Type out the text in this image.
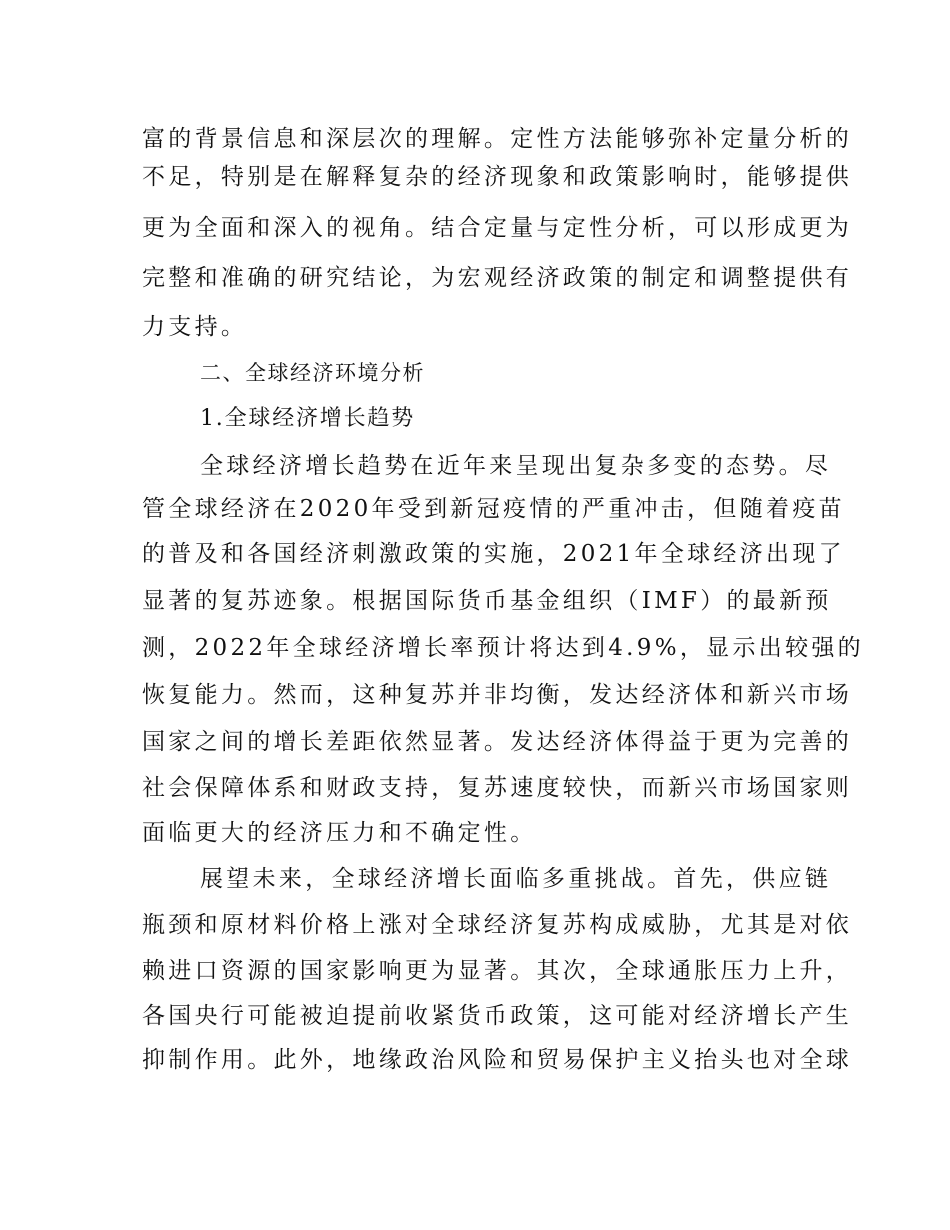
富的背景信息和深层次的理解。定性方法能够弥补定量分析的
不足，特别是在解释复杂的经济现象和政策影响时，能够提供
更为全面和深入的视角。结合定量与定性分析，可以形成更为
完整和准确的研究结论，为宏观经济政策的制定和调整提供有
力支持。
二、全球经济环境分析
1.全球经济增长趋势
全球经济增长趋势在近年来呈现出复杂多变的态势。尽
管全球经济在2020年受到新冠疫情的严重冲击，但随着疫苗
的普及和各国经济刺激政策的实施，2021年全球经济出现了
显著的复苏迹象。根据国际货币基金组织（IMF）的最新预
测，2022年全球经济增长率预计将达到4.9%，显示出较强的
恢复能力。然而，这种复苏并非均衡，发达经济体和新兴市场
国家之间的增长差距依然显著。发达经济体得益于更为完善的
社会保障体系和财政支持，复苏速度较快，而新兴市场国家则
面临更大的经济压力和不确定性。
展望未来，全球经济增长面临多重挑战。首先，供应链
瓶颈和原材料价格上涨对全球经济复苏构成威胁，尤其是对依
赖进口资源的国家影响更为显著。其次，全球通胀压力上升，
各国央行可能被迫提前收紧货币政策，这可能对经济增长产生
抑制作用。此外，地缘政治风险和贸易保护主义抬头也对全球
